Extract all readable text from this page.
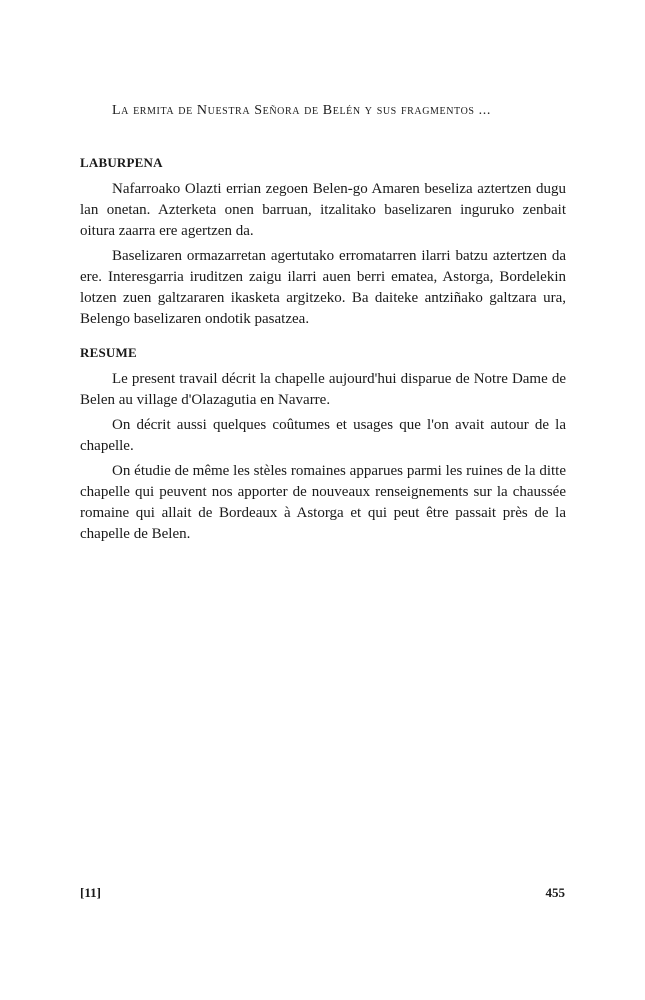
La ermita de Nuestra Señora de Belén y sus fragmentos ...
LABURPENA

Nafarroako Olazti errian zegoen Belen-go Amaren beseliza aztertzen dugu lan onetan. Azterketa onen barruan, itzalitako baselizaren inguruko zenbait oitura zaarra ere agertzen da.

Baselizaren ormazarretan agertutako erromatarren ilarri batzu aztertzen da ere. Interesgarria iruditzen zaigu ilarri auen berri ematea, Astorga, Bordelekin lotzen zuen galtzararen ikasketa argitzeko. Ba daiteke antziñako galtzara ura, Belengo baselizaren ondotik pasatzea.

RESUME

Le present travail décrit la chapelle aujourd'hui disparue de Notre Dame de Belen au village d'Olazagutia en Navarre.

On décrit aussi quelques coûtumes et usages que l'on avait autour de la chapelle.

On étudie de même les stèles romaines apparues parmi les ruines de la ditte chapelle qui peuvent nos apporter de nouveaux renseignements sur la chaussée romaine qui allait de Bordeaux à Astorga et qui peut être passait près de la chapelle de Belen.

[11]	455
